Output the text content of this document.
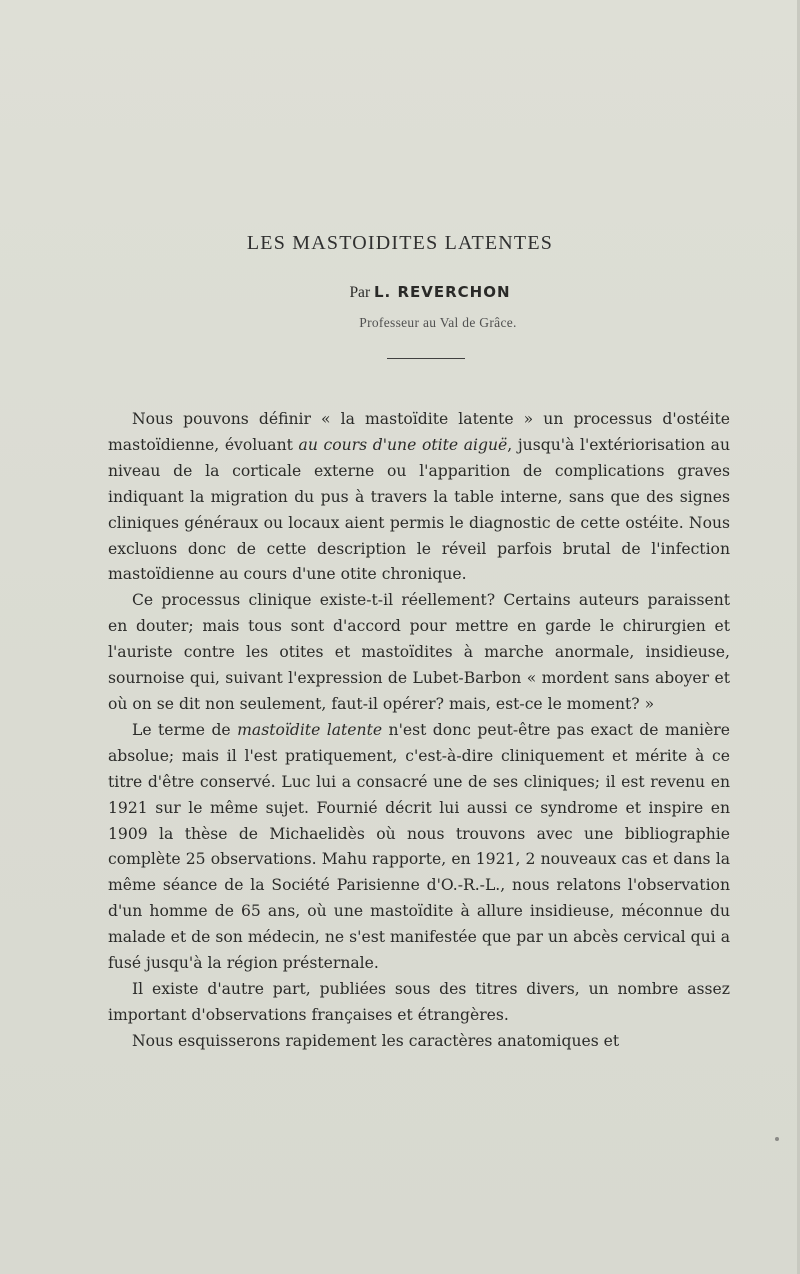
LES MASTOIDITES LATENTES
Par L. REVERCHON
Professeur au Val de Grâce.

Nous pouvons définir « la mastoïdite latente » un processus d'ostéite mastoïdienne, évoluant au cours d'une otite aiguë, jusqu'à l'extériorisation au niveau de la corticale externe ou l'apparition de complications graves indiquant la migration du pus à travers la table interne, sans que des signes cliniques généraux ou locaux aient permis le diagnostic de cette ostéite. Nous excluons donc de cette description le réveil parfois brutal de l'infection mastoïdienne au cours d'une otite chronique.

Ce processus clinique existe-t-il réellement? Certains auteurs paraissent en douter; mais tous sont d'accord pour mettre en garde le chirurgien et l'auriste contre les otites et mastoïdites à marche anormale, insidieuse, sournoise qui, suivant l'expression de Lubet-Barbon « mordent sans aboyer et où on se dit non seulement, faut-il opérer? mais, est-ce le moment? »

Le terme de mastoïdite latente n'est donc peut-être pas exact de manière absolue; mais il l'est pratiquement, c'est-à-dire cliniquement et mérite à ce titre d'être conservé. Luc lui a consacré une de ses cliniques; il est revenu en 1921 sur le même sujet. Fournié décrit lui aussi ce syndrome et inspire en 1909 la thèse de Michaelidès où nous trouvons avec une bibliographie complète 25 observations. Mahu rapporte, en 1921, 2 nouveaux cas et dans la même séance de la Société Parisienne d'O.-R.-L., nous relatons l'observation d'un homme de 65 ans, où une mastoïdite à allure insidieuse, méconnue du malade et de son médecin, ne s'est manifestée que par un abcès cervical qui a fusé jusqu'à la région présternale.

Il existe d'autre part, publiées sous des titres divers, un nombre assez important d'observations françaises et étrangères.

Nous esquisserons rapidement les caractères anatomiques et
